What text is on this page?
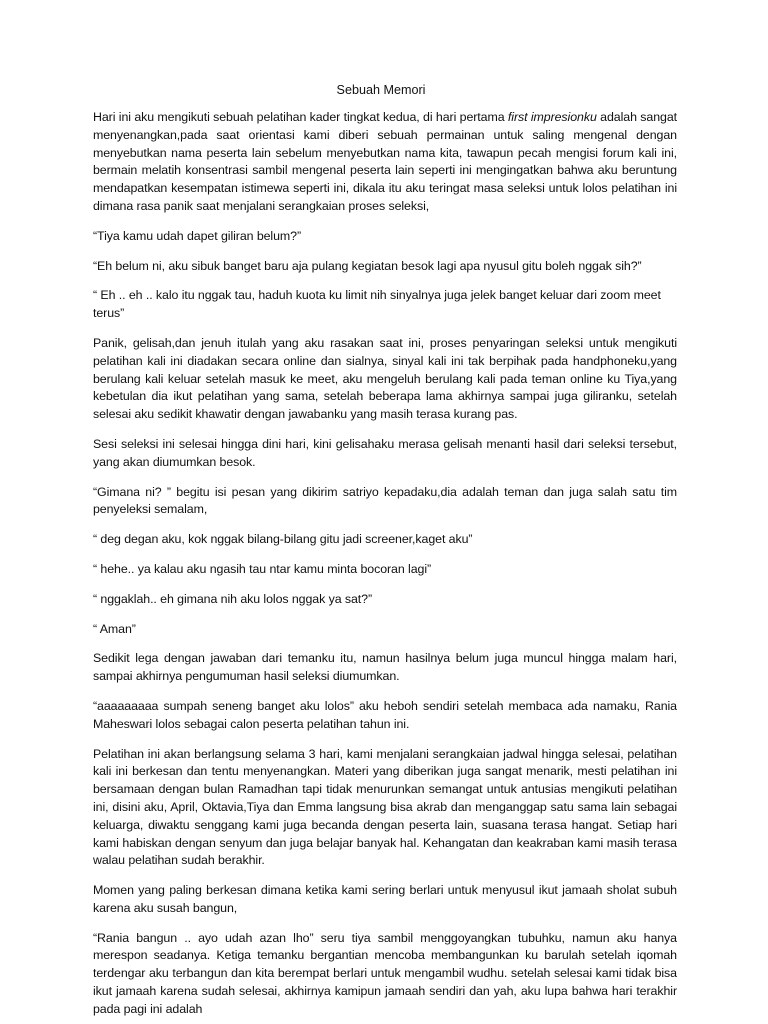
Sebuah Memori

Hari ini aku mengikuti sebuah pelatihan kader tingkat kedua, di hari pertama first impresionku adalah sangat menyenangkan,pada saat orientasi kami diberi sebuah permainan untuk saling mengenal dengan menyebutkan nama peserta lain sebelum menyebutkan nama kita, tawapun pecah mengisi forum kali ini, bermain melatih konsentrasi sambil mengenal peserta lain seperti ini mengingatkan bahwa aku beruntung mendapatkan kesempatan istimewa seperti ini, dikala itu aku teringat masa seleksi untuk lolos pelatihan ini dimana rasa panik saat menjalani serangkaian proses seleksi,

“Tiya kamu udah dapet giliran belum?”

“Eh belum ni, aku sibuk banget baru aja pulang kegiatan besok lagi apa nyusul gitu boleh nggak sih?”

“ Eh .. eh .. kalo itu nggak tau, haduh kuota ku limit nih sinyalnya juga jelek banget keluar dari zoom meet terus”

Panik, gelisah,dan jenuh itulah yang aku rasakan saat ini, proses penyaringan seleksi untuk mengikuti pelatihan kali ini diadakan secara online dan sialnya, sinyal kali ini tak berpihak pada handphoneku,yang berulang kali keluar setelah masuk ke meet, aku mengeluh berulang kali pada teman online ku Tiya,yang kebetulan dia ikut pelatihan yang sama, setelah beberapa lama akhirnya sampai juga giliranku, setelah selesai aku sedikit khawatir dengan jawabanku yang masih terasa kurang pas.

Sesi seleksi ini selesai hingga dini hari, kini gelisahaku merasa gelisah menanti hasil dari seleksi tersebut, yang akan diumumkan besok.

“Gimana ni? ” begitu isi pesan yang dikirim satriyo kepadaku,dia adalah teman dan juga salah satu tim penyeleksi semalam,

“ deg degan aku, kok nggak bilang-bilang gitu jadi screener,kaget aku”

“ hehe.. ya kalau aku ngasih tau ntar kamu minta bocoran lagi”

“ nggaklah.. eh gimana nih aku lolos nggak ya sat?”

“ Aman”

Sedikit lega dengan jawaban dari temanku itu, namun hasilnya belum juga muncul hingga malam hari, sampai akhirnya pengumuman hasil seleksi diumumkan.

“aaaaaaaaa sumpah seneng banget aku lolos” aku heboh sendiri setelah membaca ada namaku, Rania Maheswari lolos sebagai calon peserta pelatihan tahun ini.

Pelatihan ini akan berlangsung selama 3 hari, kami menjalani serangkaian jadwal hingga selesai, pelatihan kali ini berkesan dan tentu menyenangkan. Materi yang diberikan juga sangat menarik, mesti pelatihan ini bersamaan dengan bulan Ramadhan tapi tidak menurunkan semangat untuk antusias mengikuti pelatihan ini, disini aku, April, Oktavia,Tiya dan Emma langsung bisa akrab dan menganggap satu sama lain sebagai keluarga, diwaktu senggang kami juga becanda dengan peserta lain, suasana terasa hangat. Setiap hari kami habiskan dengan senyum dan juga belajar banyak hal. Kehangatan dan keakraban kami masih terasa walau pelatihan sudah berakhir.

Momen yang paling berkesan dimana ketika kami sering berlari untuk menyusul ikut jamaah sholat subuh karena aku susah bangun,

“Rania bangun .. ayo udah azan lho” seru tiya sambil menggoyangkan tubuhku, namun aku hanya merespon seadanya. Ketiga temanku bergantian mencoba membangunkan ku barulah setelah iqomah terdengar aku terbangun dan kita berempat berlari untuk mengambil wudhu. setelah selesai kami tidak bisa ikut jamaah karena sudah selesai, akhirnya kamipun jamaah sendiri dan yah, aku lupa bahwa hari terakhir pada pagi ini adalah
